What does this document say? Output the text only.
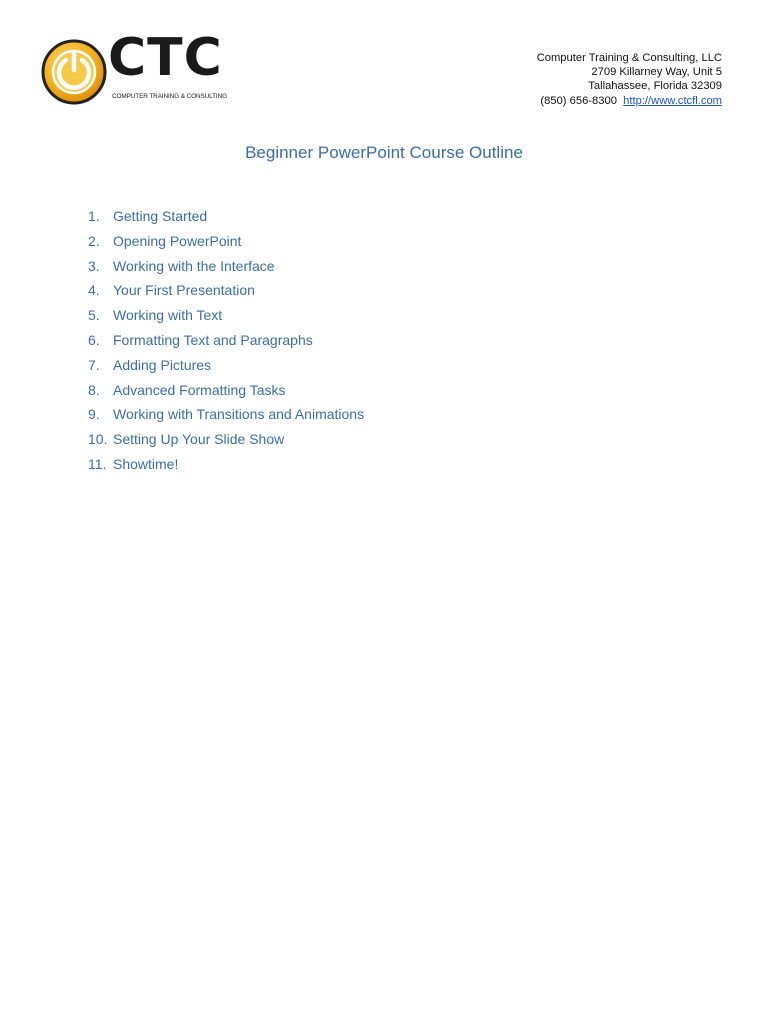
CTC
COMPUTER TRAINING & CONSULTING
Computer Training & Consulting, LLC
2709 Killarney Way, Unit 5
Tallahassee, Florida 32309
(850) 656-8300 http://www.ctcfl.com
Beginner PowerPoint Course Outline
1. Getting Started
2. Opening PowerPoint
3. Working with the Interface
4. Your First Presentation
5. Working with Text
6. Formatting Text and Paragraphs
7. Adding Pictures
8. Advanced Formatting Tasks
9. Working with Transitions and Animations
10. Setting Up Your Slide Show
11. Showtime!
